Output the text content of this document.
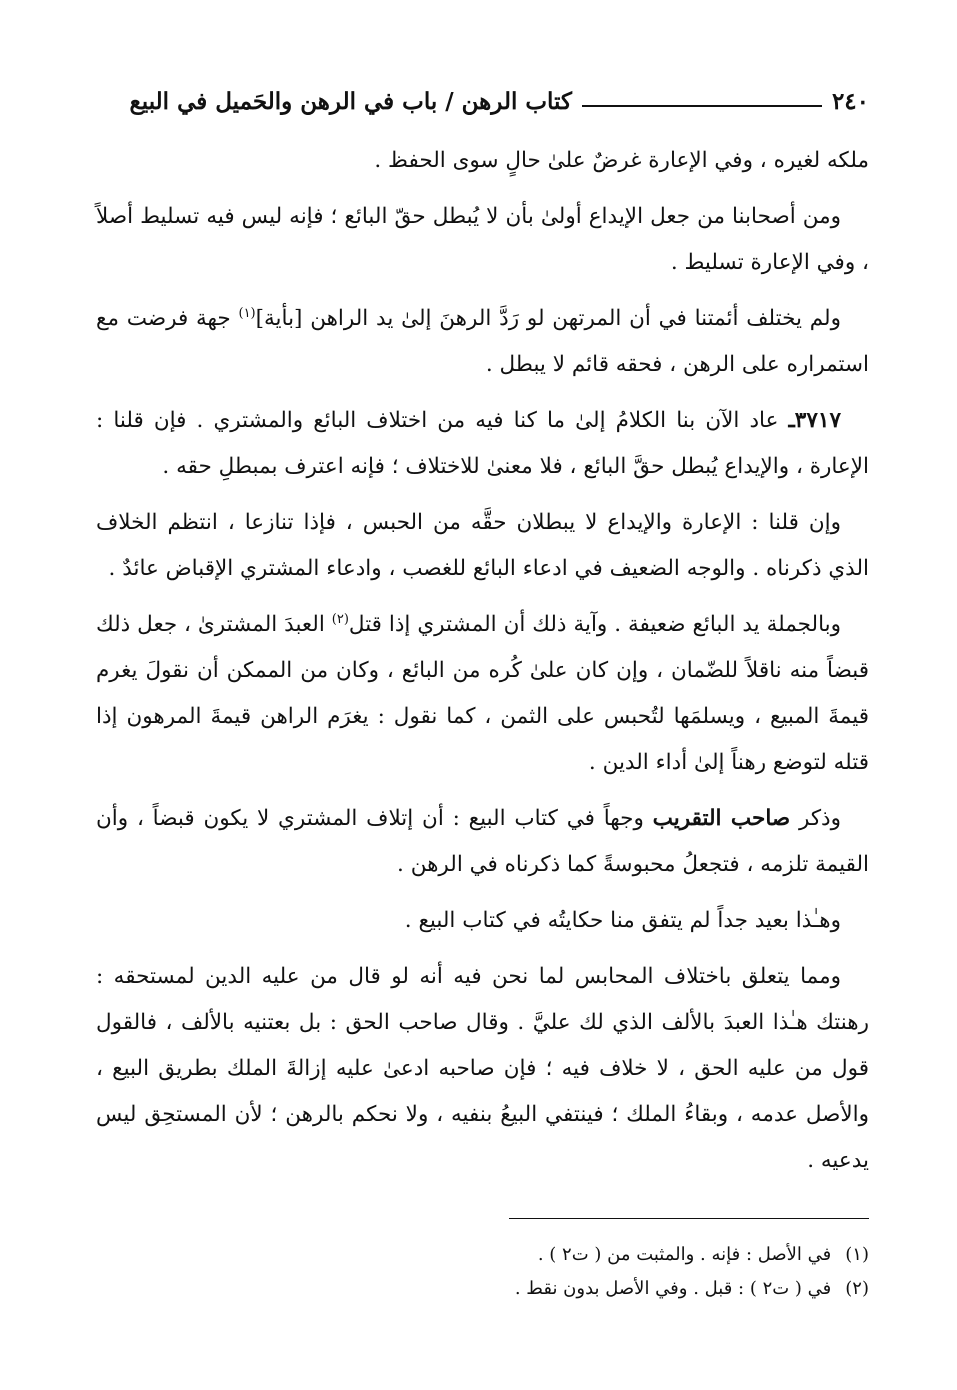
٢٤٠
كتاب الرهن / باب في الرهن والحَميل في البيع

ملكه لغيره ، وفي الإعارة غرضٌ علىٰ حالٍ سوى الحفظ .

ومن أصحابنا من جعل الإيداع أولىٰ بأن لا يُبطل حقّ البائع ؛ فإنه ليس فيه تسليط أصلاً ، وفي الإعارة تسليط .

ولم يختلف أئمتنا في أن المرتهن لو رَدَّ الرهنَ إلىٰ يد الراهن [بأية]$^{(١)}$ جهة فرضت مع استمراره على الرهن ، فحقه قائم لا يبطل .

٣٧١٧ـ عاد الآن بنا الكلامُ إلىٰ ما كنا فيه من اختلاف البائع والمشتري . فإن قلنا : الإعارة ، والإيداع يُبطل حقَّ البائع ، فلا معنىٰ للاختلاف ؛ فإنه اعترف بمبطلِ حقه .

وإن قلنا : الإعارة والإيداع لا يبطلان حقَّه من الحبس ، فإذا تنازعا ، انتظم الخلاف الذي ذكرناه . والوجه الضعيف في ادعاء البائع للغصب ، وادعاء المشتري الإقباض عائدٌ .

وبالجملة يد البائع ضعيفة . وآية ذلك أن المشتري إذا قتل$^{(٢)}$ العبدَ المشترىٰ ، جعل ذلك قبضاً منه ناقلاً للضّمان ، وإن كان علىٰ كُره من البائع ، وكان من الممكن أن نقولَ يغرم قيمةَ المبيع ، ويسلمَها لتُحبس على الثمن ، كما نقول : يغرَم الراهن قيمةَ المرهون إذا قتله لتوضع رهناً إلىٰ أداء الدين .

وذكر صاحب التقريب وجهاً في كتاب البيع : أن إتلاف المشتري لا يكون قبضاً ، وأن القيمة تلزمه ، فتجعلُ محبوسةً كما ذكرناه في الرهن .

وهـٰذا بعيد جداً لم يتفق منا حكايتُه في كتاب البيع .

ومما يتعلق باختلاف المحابس لما نحن فيه أنه لو قال من عليه الدين لمستحقه : رهنتك هـٰذا العبدَ بالألف الذي لك عليَّ . وقال صاحب الحق : بل بعتنيه بالألف ، فالقول قول من عليه الحق ، لا خلاف فيه ؛ فإن صاحبه ادعىٰ عليه إزالةَ الملك بطريق البيع ، والأصل عدمه ، وبقاءُ الملك ؛ فينتفي البيعُ بنفيه ، ولا نحكم بالرهن ؛ لأن المستحِق ليس يدعيه .

(١)
في الأصل : فإنه . والمثبت من ( ت٢ ) .
(٢)
في ( ت٢ ) : قبل . وفي الأصل بدون نقط .
